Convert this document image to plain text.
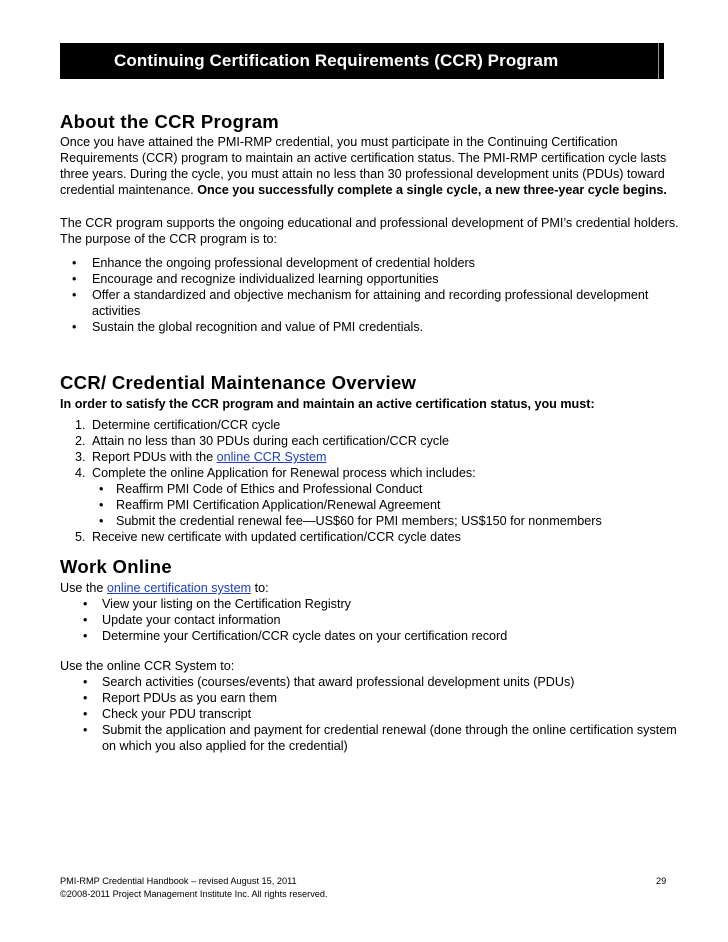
Continuing Certification Requirements (CCR) Program
About the CCR Program

Once you have attained the PMI-RMP credential, you must participate in the Continuing Certification Requirements (CCR) program to maintain an active certification status. The PMI-RMP certification cycle lasts three years. During the cycle, you must attain no less than 30 professional development units (PDUs) toward credential maintenance. Once you successfully complete a single cycle, a new three-year cycle begins.

The CCR program supports the ongoing educational and professional development of PMI’s credential holders. The purpose of the CCR program is to:

• Enhance the ongoing professional development of credential holders
• Encourage and recognize individualized learning opportunities
• Offer a standardized and objective mechanism for attaining and recording professional development activities
• Sustain the global recognition and value of PMI credentials.
CCR/ Credential Maintenance Overview

In order to satisfy the CCR program and maintain an active certification status, you must:

1. Determine certification/CCR cycle
2. Attain no less than 30 PDUs during each certification/CCR cycle
3. Report PDUs with the online CCR System
4. Complete the online Application for Renewal process which includes:
• Reaffirm PMI Code of Ethics and Professional Conduct
• Reaffirm PMI Certification Application/Renewal Agreement
• Submit the credential renewal fee—US$60 for PMI members; US$150 for nonmembers
5. Receive new certificate with updated certification/CCR cycle dates
Work Online

Use the online certification system to:

• View your listing on the Certification Registry
• Update your contact information
• Determine your Certification/CCR cycle dates on your certification record

Use the online CCR System to:

• Search activities (courses/events) that award professional development units (PDUs)
• Report PDUs as you earn them
• Check your PDU transcript
• Submit the application and payment for credential renewal (done through the online certification system on which you also applied for the credential)
PMI-RMP Credential Handbook – revised August 15, 2011
©2008-2011 Project Management Institute Inc. All rights reserved.
29
